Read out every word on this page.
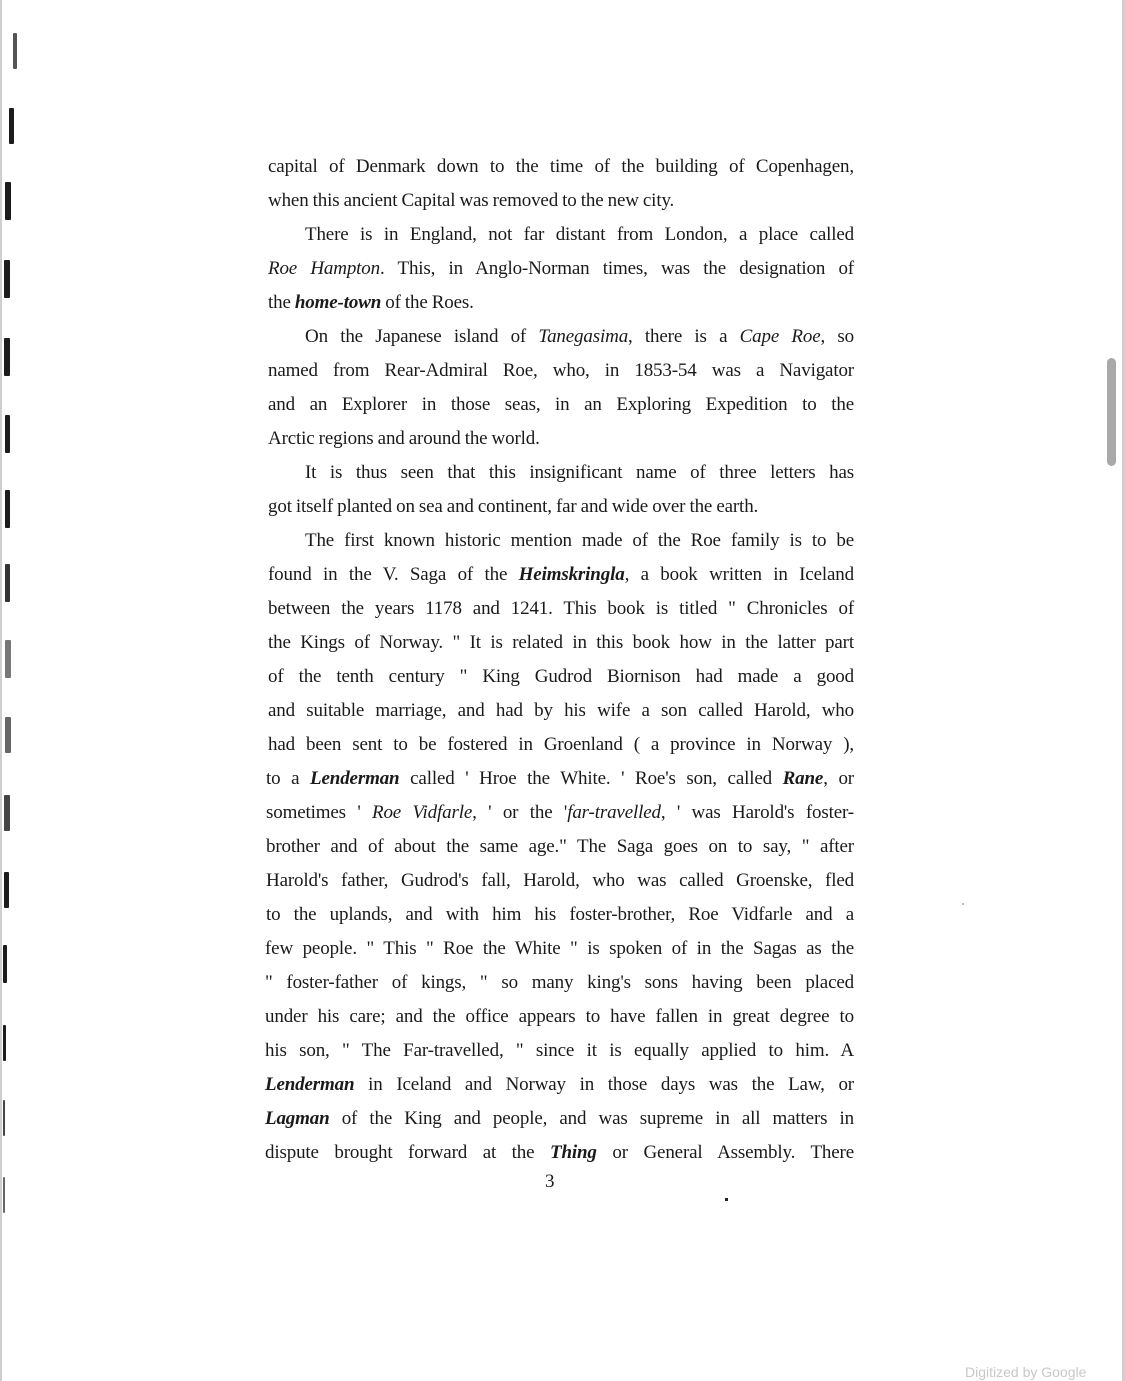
capital of Denmark down to the time of the building of Copenhagen,
when this ancient Capital was removed to the new city.
There is in England, not far distant from London, a place called
Roe Hampton. This, in Anglo-Norman times, was the designation of
the home-town of the Roes.
On the Japanese island of Tanegasima, there is a Cape Roe, so
named from Rear-Admiral Roe, who, in 1853-54 was a Navigator
and an Explorer in those seas, in an Exploring Expedition to the
Arctic regions and around the world.
It is thus seen that this insignificant name of three letters has
got itself planted on sea and continent, far and wide over the earth.
The first known historic mention made of the Roe family is to be
found in the V. Saga of the Heimskringla, a book written in Iceland
between the years 1178 and 1241. This book is titled " Chronicles of
the Kings of Norway. " It is related in this book how in the latter part
of the tenth century " King Gudrod Biornison had made a good
and suitable marriage, and had by his wife a son called Harold, who
had been sent to be fostered in Groenland ( a province in Norway ),
to a Lenderman called ' Hroe the White. ' Roe's son, called Rane, or
sometimes ' Roe Vidfarle, ' or the 'far-travelled, ' was Harold's foster-
brother and of about the same age." The Saga goes on to say, " after
Harold's father, Gudrod's fall, Harold, who was called Groenske, fled
to the uplands, and with him his foster-brother, Roe Vidfarle and a
few people. " This " Roe the White " is spoken of in the Sagas as the
" foster-father of kings, " so many king's sons having been placed
under his care; and the office appears to have fallen in great degree to
his son, " The Far-travelled, " since it is equally applied to him. A
Lenderman in Iceland and Norway in those days was the Law, or
Lagman of the King and people, and was supreme in all matters in
dispute brought forward at the Thing or General Assembly. There
3
Digitized by Google
